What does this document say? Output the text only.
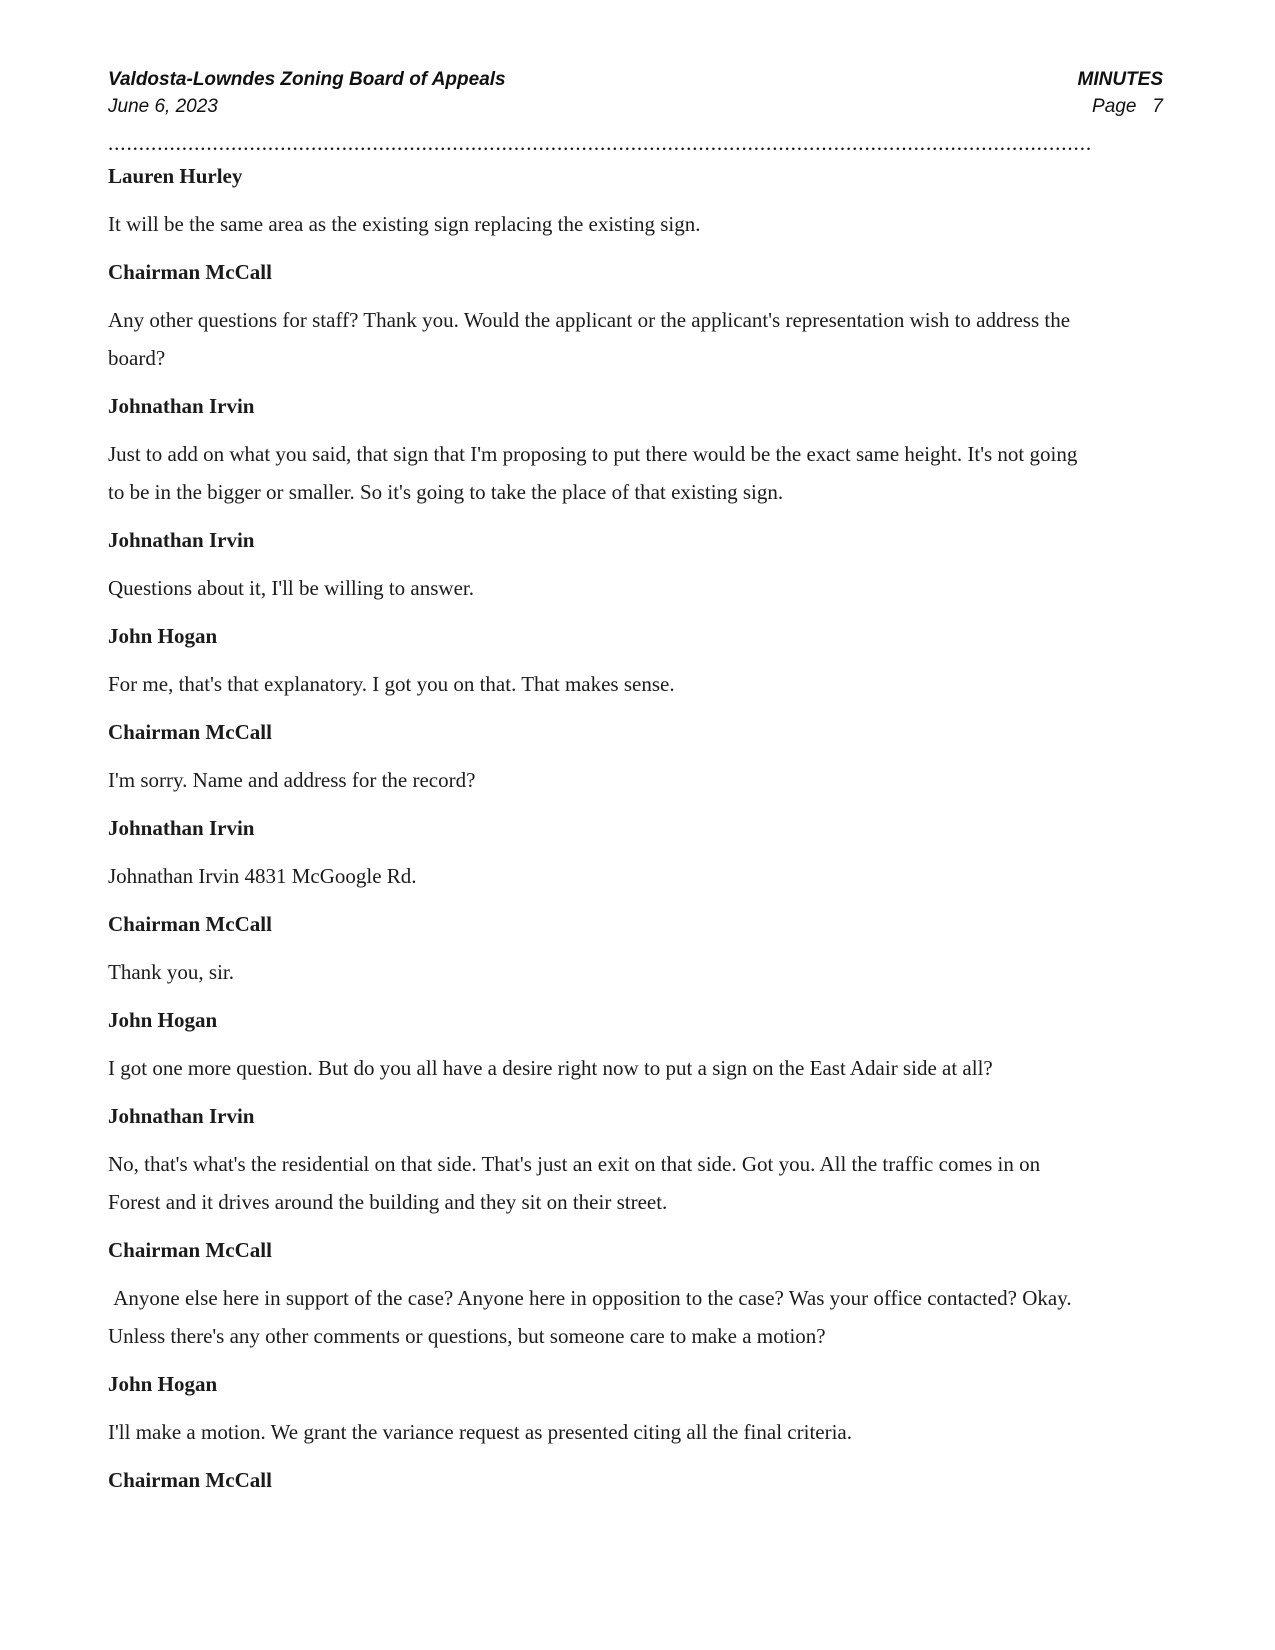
Valdosta-Lowndes Zoning Board of Appeals	MINUTES
June 6, 2023	Page 7
................................................................................................................................................................

Lauren Hurley

It will be the same area as the existing sign replacing the existing sign.

Chairman McCall

Any other questions for staff? Thank you. Would the applicant or the applicant's representation wish to address the board?

Johnathan Irvin

Just to add on what you said, that sign that I'm proposing to put there would be the exact same height. It's not going to be in the bigger or smaller. So it's going to take the place of that existing sign.

Johnathan Irvin

Questions about it, I'll be willing to answer.

John Hogan

For me, that's that explanatory. I got you on that. That makes sense.

Chairman McCall

I'm sorry. Name and address for the record?

Johnathan Irvin

Johnathan Irvin 4831 McGoogle Rd.

Chairman McCall

Thank you, sir.

John Hogan

I got one more question. But do you all have a desire right now to put a sign on the East Adair side at all?

Johnathan Irvin

No, that's what's the residential on that side. That's just an exit on that side. Got you. All the traffic comes in on Forest and it drives around the building and they sit on their street.

Chairman McCall

Anyone else here in support of the case? Anyone here in opposition to the case? Was your office contacted? Okay. Unless there's any other comments or questions, but someone care to make a motion?

John Hogan

I'll make a motion. We grant the variance request as presented citing all the final criteria.

Chairman McCall
